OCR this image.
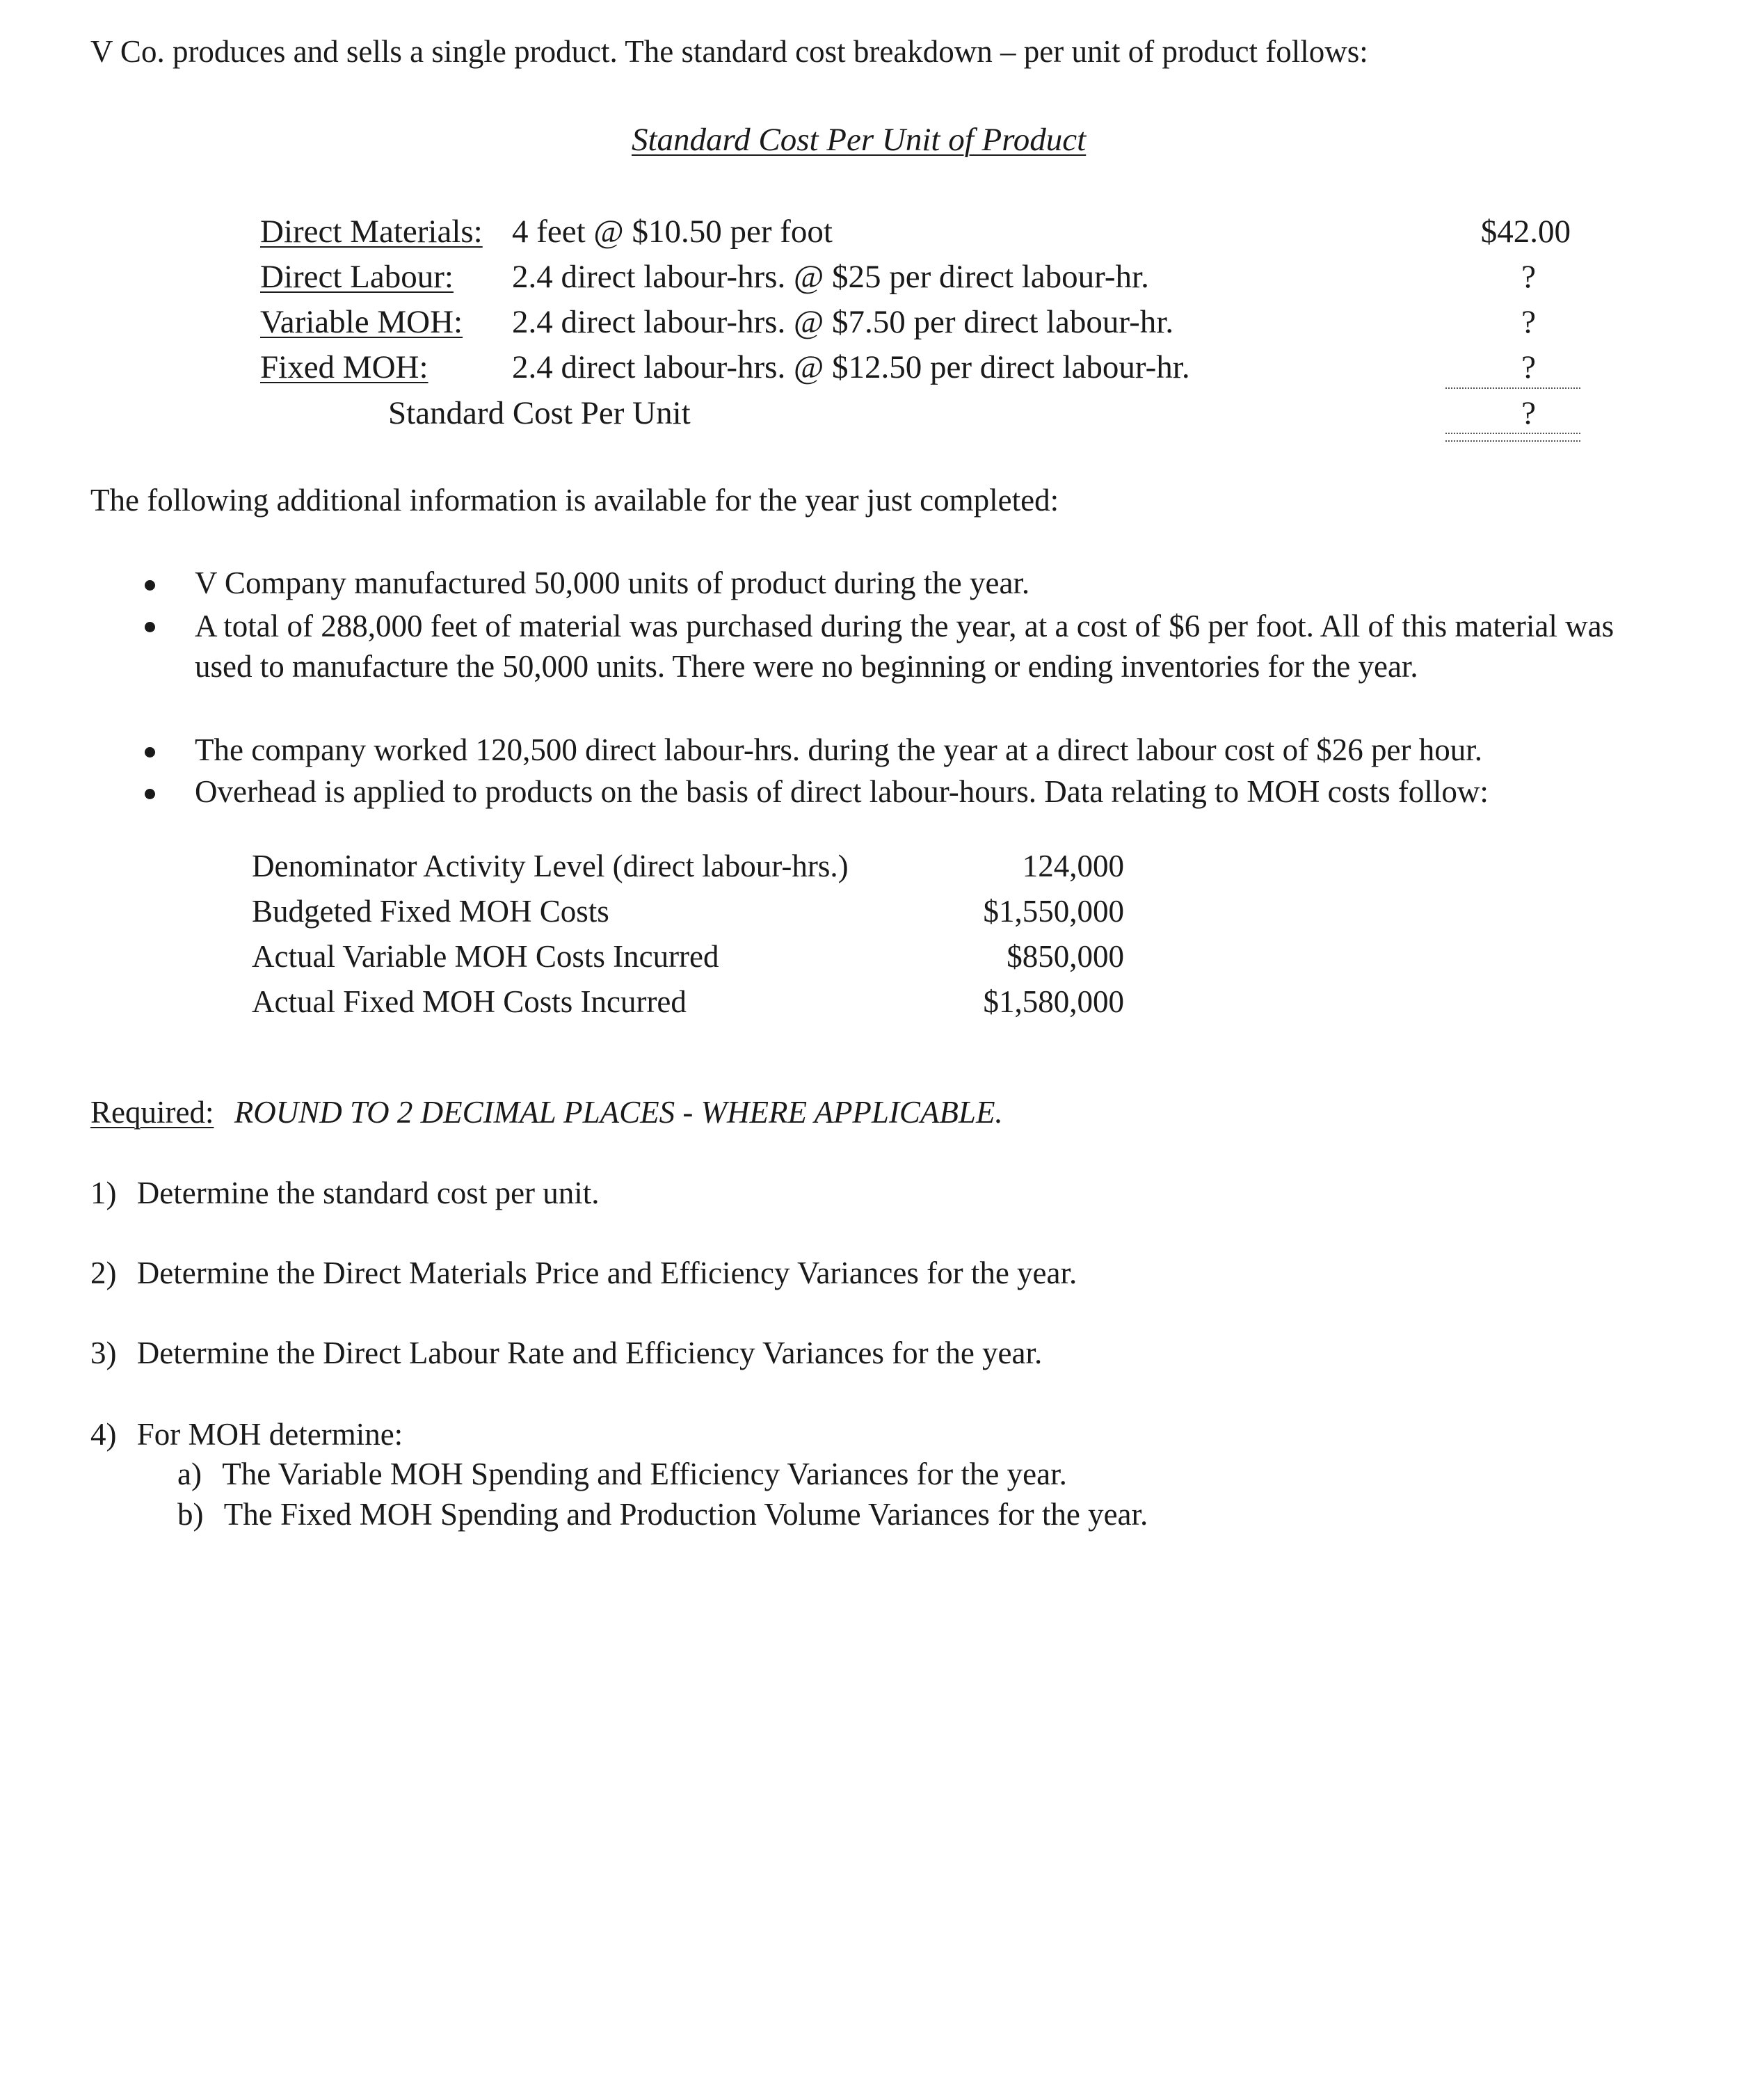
V Co. produces and sells a single product. The standard cost breakdown – per unit of product follows:
Standard Cost Per Unit of Product
Direct Materials: 4 feet @ $10.50 per foot	$42.00
Direct Labour: 2.4 direct labour-hrs. @ $25 per direct labour-hr.	?
Variable MOH: 2.4 direct labour-hrs. @ $7.50 per direct labour-hr.	?
Fixed MOH:	2.4 direct labour-hrs. @ $12.50 per direct labour-hr.	?
Standard Cost Per Unit	?
The following additional information is available for the year just completed:
V Company manufactured 50,000 units of product during the year.
A total of 288,000 feet of material was purchased during the year, at a cost of $6 per foot. All of this material was used to manufacture the 50,000 units. There were no beginning or ending inventories for the year.
The company worked 120,500 direct labour-hrs. during the year at a direct labour cost of $26 per hour.
Overhead is applied to products on the basis of direct labour-hours. Data relating to MOH costs follow:
Denominator Activity Level (direct labour-hrs.)	124,000
Budgeted Fixed MOH Costs	$1,550,000
Actual Variable MOH Costs Incurred	$850,000
Actual Fixed MOH Costs Incurred	$1,580,000
Required: ROUND TO 2 DECIMAL PLACES - WHERE APPLICABLE.
1) Determine the standard cost per unit.
2) Determine the Direct Materials Price and Efficiency Variances for the year.
3) Determine the Direct Labour Rate and Efficiency Variances for the year.
4) For MOH determine:
a) The Variable MOH Spending and Efficiency Variances for the year.
b) The Fixed MOH Spending and Production Volume Variances for the year.
